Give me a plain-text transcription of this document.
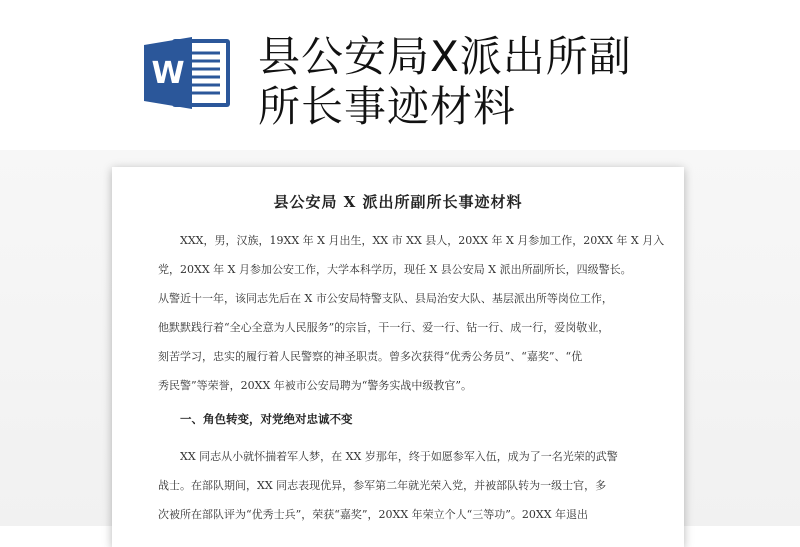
W 县公安局X派出所副
所长事迹材料
县公安局 X 派出所副所长事迹材料
XXX，男，汉族，19XX 年 X 月出生，XX 市 XX 县人，20XX 年 X 月参加工作，20XX 年 X 月入
党，20XX 年 X 月参加公安工作，大学本科学历，现任 X 县公安局 X 派出所副所长，四级警长。
从警近十一年，该同志先后在 X 市公安局特警支队、县局治安大队、基层派出所等岗位工作，
他默默践行着“全心全意为人民服务”的宗旨，干一行、爱一行、钻一行、成一行，爱岗敬业，
刻苦学习，忠实的履行着人民警察的神圣职责。曾多次获得“优秀公务员”、“嘉奖”、“优
秀民警”等荣誉，20XX 年被市公安局聘为“警务实战中级教官”。

一、角色转变，对党绝对忠诚不变

XX 同志从小就怀揣着军人梦，在 XX 岁那年，终于如愿参军入伍，成为了一名光荣的武警
战士。在部队期间，XX 同志表现优异，参军第二年就光荣入党，并被部队转为一级士官，多
次被所在部队评为“优秀士兵”，荣获“嘉奖”，20XX 年荣立个人“三等功”。20XX 年退出
